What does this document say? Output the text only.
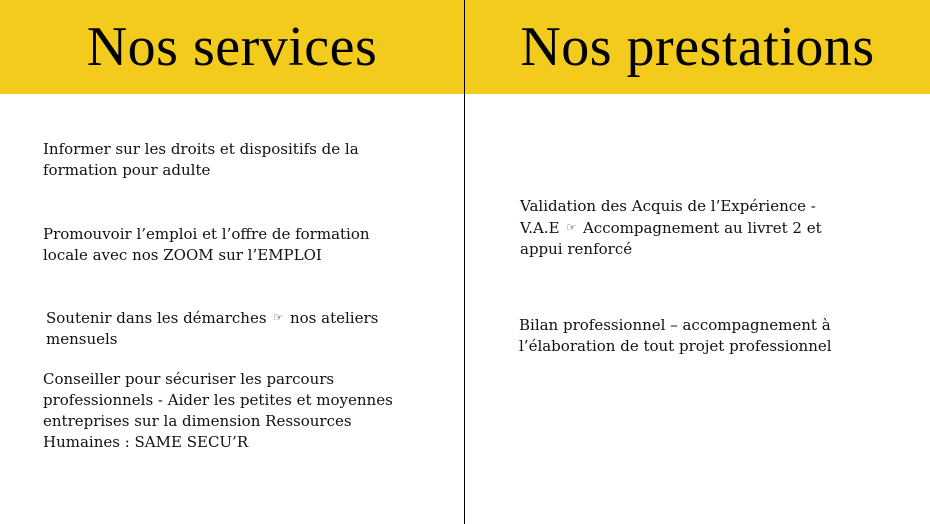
Nos services	Nos prestations
Informer sur les droits et dispositifs de la
formation pour adulte
Promouvoir l’emploi et l’offre de formation
locale avec nos ZOOM sur l’EMPLOI
Soutenir dans les démarches ☞ nos ateliers
mensuels
Conseiller pour sécuriser les parcours
professionnels - Aider les petites et moyennes
entreprises sur la dimension Ressources
Humaines : SAME SECU’R
Validation des Acquis de l’Expérience -
V.A.E ☞ Accompagnement au livret 2 et
appui renforcé
Bilan professionnel – accompagnement à
l’élaboration de tout projet professionnel
